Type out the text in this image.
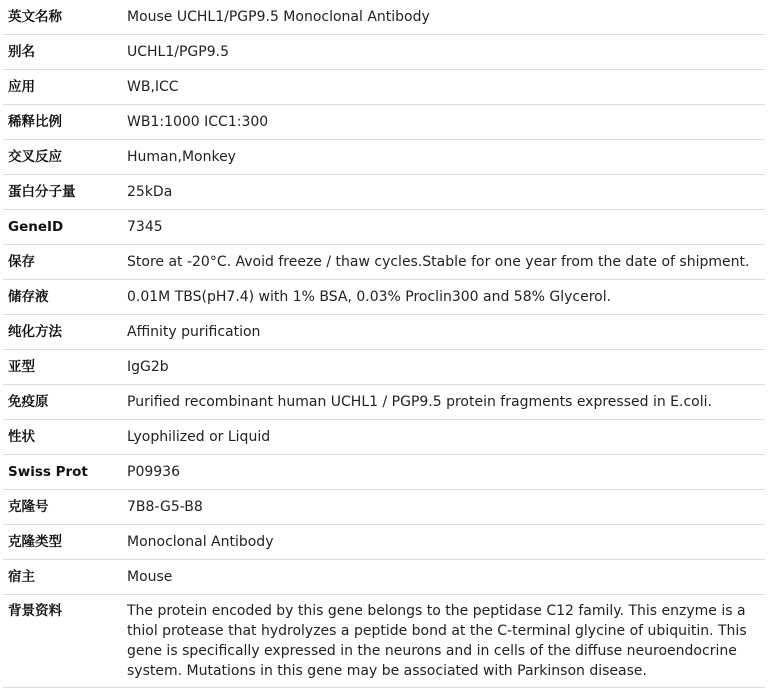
英文名称	Mouse UCHL1/PGP9.5 Monoclonal Antibody
别名	UCHL1/PGP9.5
应用	WB,ICC
稀释比例	WB1:1000 ICC1:300
交叉反应	Human,Monkey
蛋白分子量	25kDa
GeneID	7345
保存	Store at -20°C. Avoid freeze / thaw cycles.Stable for one year from the date of shipment.
储存液	0.01M TBS(pH7.4) with 1% BSA, 0.03% Proclin300 and 58% Glycerol.
纯化方法	Affinity purification
亚型	IgG2b
免疫原	Purified recombinant human UCHL1 / PGP9.5 protein fragments expressed in E.coli.
性状	Lyophilized or Liquid
Swiss Prot	P09936
克隆号	7B8-G5-B8
克隆类型	Monoclonal Antibody
宿主	Mouse
背景资料	The protein encoded by this gene belongs to the peptidase C12 family. This enzyme is a thiol protease that hydrolyzes a peptide bond at the C-terminal glycine of ubiquitin. This gene is specifically expressed in the neurons and in cells of the diffuse neuroendocrine system. Mutations in this gene may be associated with Parkinson disease.
